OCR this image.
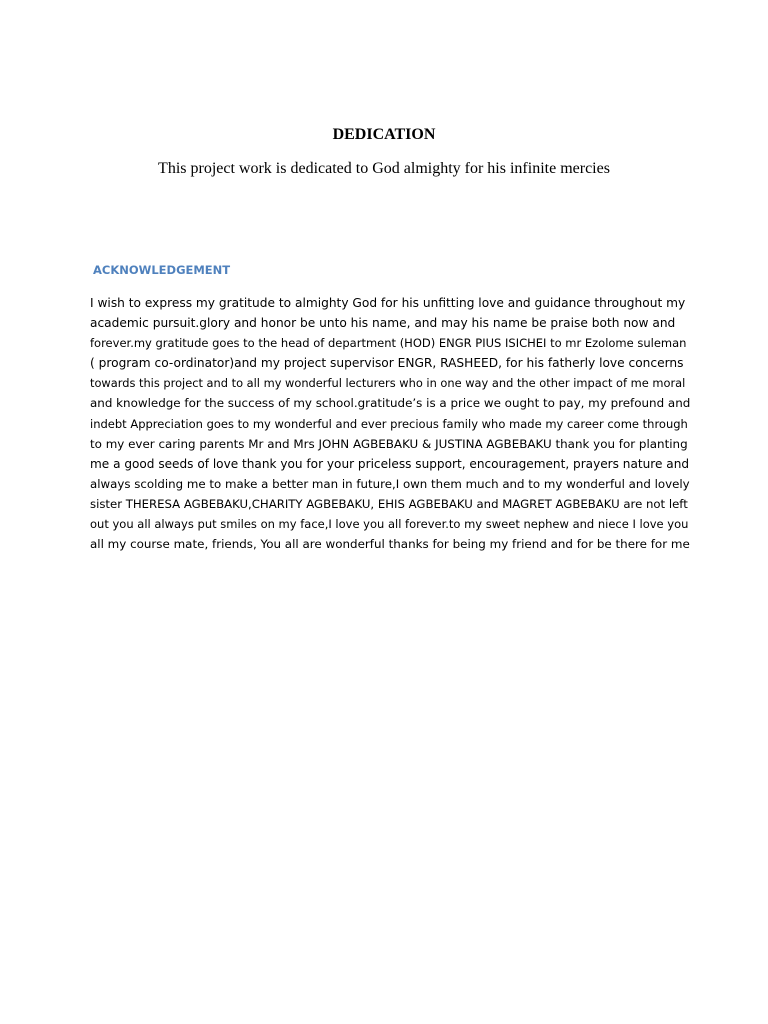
DEDICATION

This project work is dedicated to God almighty for his infinite mercies

ACKNOWLEDGEMENT
I wish to express my gratitude to almighty God for his unfitting love and guidance throughout my
academic pursuit.glory and honor be unto his name, and may his name be praise both now and
forever.my gratitude goes to the head of department (HOD) ENGR PIUS ISICHEI to mr Ezolome suleman
( program co-ordinator)and my project supervisor ENGR, RASHEED, for his fatherly love concerns
towards this project and to all my wonderful lecturers who in one way and the other impact of me moral
and knowledge for the success of my school.gratitude’s is a price we ought to pay, my prefound and
indebt Appreciation goes to my wonderful and ever precious family who made my career come through
to my ever caring parents Mr and Mrs JOHN AGBEBAKU & JUSTINA AGBEBAKU thank you for planting
me a good seeds of love thank you for your priceless support, encouragement, prayers nature and
always scolding me to make a better man in future,I own them much and to my wonderful and lovely
sister THERESA AGBEBAKU,CHARITY AGBEBAKU, EHIS AGBEBAKU and MAGRET AGBEBAKU are not left
out you all always put smiles on my face,I love you all forever.to my sweet nephew and niece I love you
all my course mate, friends, You all are wonderful thanks for being my friend and for be there for me
